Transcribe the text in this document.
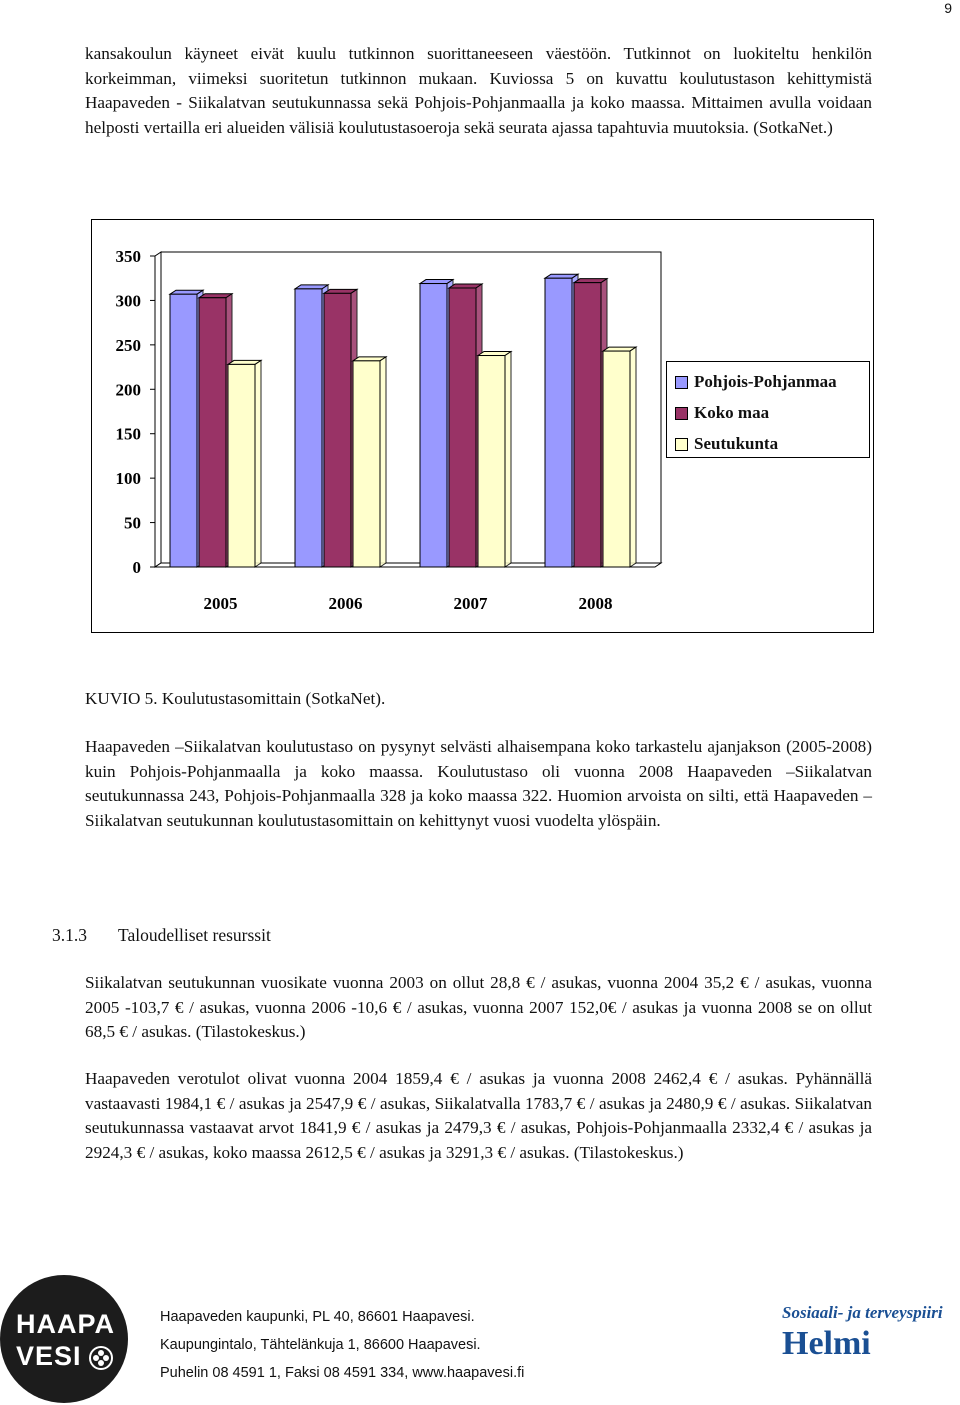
9

kansakoulun käyneet eivät kuulu tutkinnon suorittaneeseen väestöön. Tutkinnot on luokiteltu henkilön korkeimman, viimeksi suoritetun tutkinnon mukaan. Kuviossa 5 on kuvattu koulutustason kehittymistä Haapaveden - Siikalatvan seutukunnassa sekä Pohjois-Pohjanmaalla ja koko maassa. Mittaimen avulla voidaan helposti vertailla eri alueiden välisiä koulutustasoeroja sekä seurata ajassa tapahtuvia muutoksia. (SotkaNet.)

0
50
100
150
200
250
300
350
2005	2006	2007	2008
Pohjois-Pohjanmaa
Koko maa
Seutukunta
KUVIO 5. Koulutustasomittain (SotkaNet).

Haapaveden –Siikalatvan koulutustaso on pysynyt selvästi alhaisempana koko tarkastelu ajanjakson (2005-2008) kuin Pohjois-Pohjanmaalla ja koko maassa. Koulutustaso oli vuonna 2008 Haapaveden –Siikalatvan seutukunnassa 243, Pohjois-Pohjanmaalla 328 ja koko maassa 322. Huomion arvoista on silti, että Haapaveden –Siikalatvan seutukunnan koulutustasomittain on kehittynyt vuosi vuodelta ylöspäin.

3.1.3 Taloudelliset resurssit

Siikalatvan seutukunnan vuosikate vuonna 2003 on ollut 28,8 € / asukas, vuonna 2004 35,2 € / asukas, vuonna 2005 -103,7 € / asukas, vuonna 2006 -10,6 € / asukas, vuonna 2007 152,0€ / asukas ja vuonna 2008 se on ollut 68,5 € / asukas. (Tilastokeskus.)

Haapaveden verotulot olivat vuonna 2004 1859,4 € / asukas ja vuonna 2008 2462,4 € / asukas. Pyhännällä vastaavasti 1984,1 € / asukas ja 2547,9 € / asukas, Siikalatvalla 1783,7 € / asukas ja 2480,9 € / asukas. Siikalatvan seutukunnassa vastaavat arvot 1841,9 € / asukas ja 2479,3 € / asukas, Pohjois-Pohjanmaalla 2332,4 € / asukas ja 2924,3 € / asukas, koko maassa 2612,5 € / asukas ja 3291,3 € / asukas. (Tilastokeskus.)

HAAPA
VESI
Haapaveden kaupunki, PL 40, 86601 Haapavesi.
Kaupungintalo, Tähtelänkuja 1, 86600 Haapavesi.
Puhelin 08 4591 1, Faksi 08 4591 334, www.haapavesi.fi
Sosiaali- ja terveyspiiri
Helmi
